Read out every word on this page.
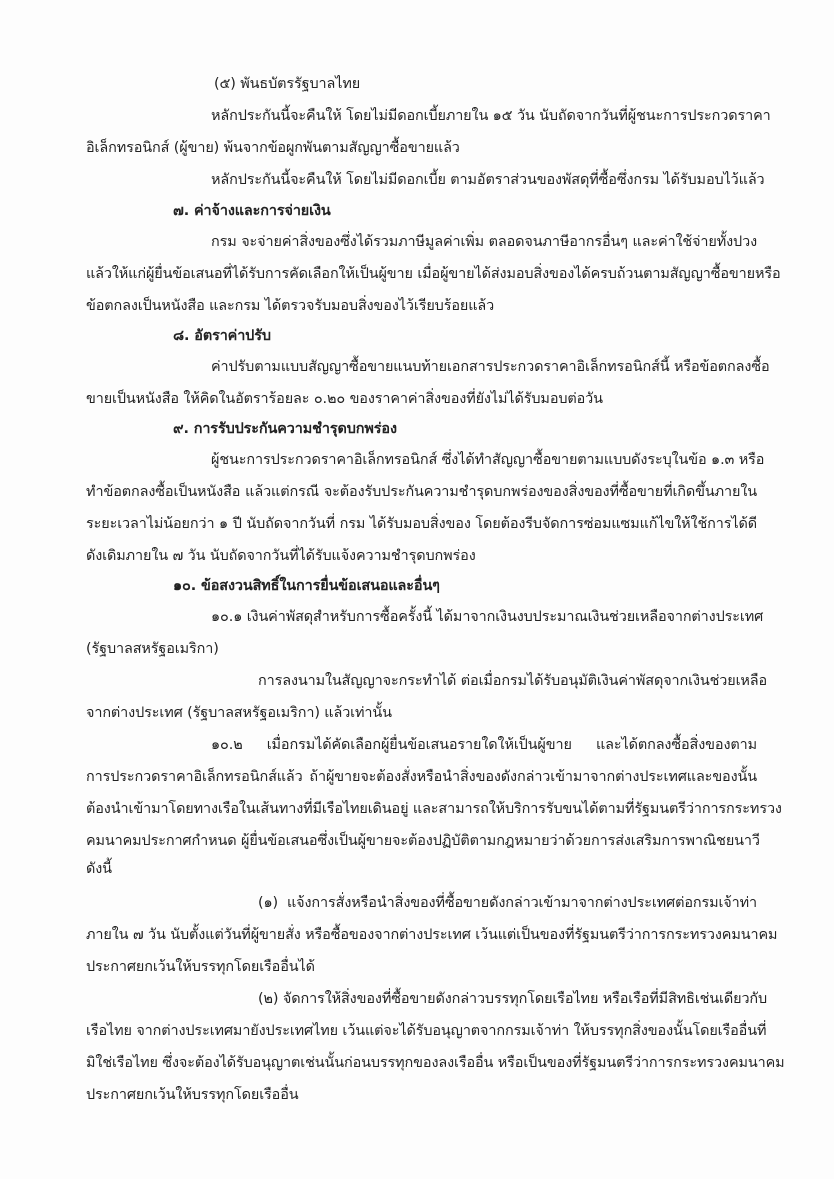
(๕) พันธบัตรรัฐบาลไทย
หลักประกันนี้จะคืนให้ โดยไม่มีดอกเบี้ยภายใน ๑๕ วัน นับถัดจากวันที่ผู้ชนะการประกวดราคา
อิเล็กทรอนิกส์ (ผู้ขาย) พ้นจากข้อผูกพันตามสัญญาซื้อขายแล้ว
หลักประกันนี้จะคืนให้ โดยไม่มีดอกเบี้ย ตามอัตราส่วนของพัสดุที่ซื้อซึ่งกรม ได้รับมอบไว้แล้ว
๗. ค่าจ้างและการจ่ายเงิน
กรม จะจ่ายค่าสิ่งของซึ่งได้รวมภาษีมูลค่าเพิ่ม ตลอดจนภาษีอากรอื่นๆ และค่าใช้จ่ายทั้งปวง
แล้วให้แก่ผู้ยื่นข้อเสนอที่ได้รับการคัดเลือกให้เป็นผู้ขาย เมื่อผู้ขายได้ส่งมอบสิ่งของได้ครบถ้วนตามสัญญาซื้อขายหรือ
ข้อตกลงเป็นหนังสือ และกรม ได้ตรวจรับมอบสิ่งของไว้เรียบร้อยแล้ว
๘. อัตราค่าปรับ
ค่าปรับตามแบบสัญญาซื้อขายแนบท้ายเอกสารประกวดราคาอิเล็กทรอนิกส์นี้ หรือข้อตกลงซื้อ
ขายเป็นหนังสือ ให้คิดในอัตราร้อยละ ๐.๒๐ ของราคาค่าสิ่งของที่ยังไม่ได้รับมอบต่อวัน
๙. การรับประกันความชำรุดบกพร่อง
ผู้ชนะการประกวดราคาอิเล็กทรอนิกส์ ซึ่งได้ทำสัญญาซื้อขายตามแบบดังระบุในข้อ ๑.๓ หรือ
ทำข้อตกลงซื้อเป็นหนังสือ แล้วแต่กรณี จะต้องรับประกันความชำรุดบกพร่องของสิ่งของที่ซื้อขายที่เกิดขึ้นภายใน
ระยะเวลาไม่น้อยกว่า ๑ ปี นับถัดจากวันที่ กรม ได้รับมอบสิ่งของ โดยต้องรีบจัดการซ่อมแซมแก้ไขให้ใช้การได้ดี
ดังเดิมภายใน ๗ วัน นับถัดจากวันที่ได้รับแจ้งความชำรุดบกพร่อง
๑๐. ข้อสงวนสิทธิ์ในการยื่นข้อเสนอและอื่นๆ
๑๐.๑ เงินค่าพัสดุสำหรับการซื้อครั้งนี้ ได้มาจากเงินงบประมาณเงินช่วยเหลือจากต่างประเทศ
(รัฐบาลสหรัฐอเมริกา)
การลงนามในสัญญาจะกระทำได้ ต่อเมื่อกรมได้รับอนุมัติเงินค่าพัสดุจากเงินช่วยเหลือ
จากต่างประเทศ (รัฐบาลสหรัฐอเมริกา) แล้วเท่านั้น
๑๐.๒ เมื่อกรมได้คัดเลือกผู้ยื่นข้อเสนอรายใดให้เป็นผู้ขาย และได้ตกลงซื้อสิ่งของตาม
การประกวดราคาอิเล็กทรอนิกส์แล้ว ถ้าผู้ขายจะต้องสั่งหรือนำสิ่งของดังกล่าวเข้ามาจากต่างประเทศและของนั้น
ต้องนำเข้ามาโดยทางเรือในเส้นทางที่มีเรือไทยเดินอยู่ และสามารถให้บริการรับขนได้ตามที่รัฐมนตรีว่าการกระทรวง
คมนาคมประกาศกำหนด ผู้ยื่นข้อเสนอซึ่งเป็นผู้ขายจะต้องปฏิบัติตามกฎหมายว่าด้วยการส่งเสริมการพาณิชยนาวี
ดังนี้
(๑) แจ้งการสั่งหรือนำสิ่งของที่ซื้อขายดังกล่าวเข้ามาจากต่างประเทศต่อกรมเจ้าท่า
ภายใน ๗ วัน นับตั้งแต่วันที่ผู้ขายสั่ง หรือซื้อของจากต่างประเทศ เว้นแต่เป็นของที่รัฐมนตรีว่าการกระทรวงคมนาคม
ประกาศยกเว้นให้บรรทุกโดยเรืออื่นได้
(๒) จัดการให้สิ่งของที่ซื้อขายดังกล่าวบรรทุกโดยเรือไทย หรือเรือที่มีสิทธิเช่นเดียวกับ
เรือไทย จากต่างประเทศมายังประเทศไทย เว้นแต่จะได้รับอนุญาตจากกรมเจ้าท่า ให้บรรทุกสิ่งของนั้นโดยเรืออื่นที่
มิใช่เรือไทย ซึ่งจะต้องได้รับอนุญาตเช่นนั้นก่อนบรรทุกของลงเรืออื่น หรือเป็นของที่รัฐมนตรีว่าการกระทรวงคมนาคม
ประกาศยกเว้นให้บรรทุกโดยเรืออื่น
